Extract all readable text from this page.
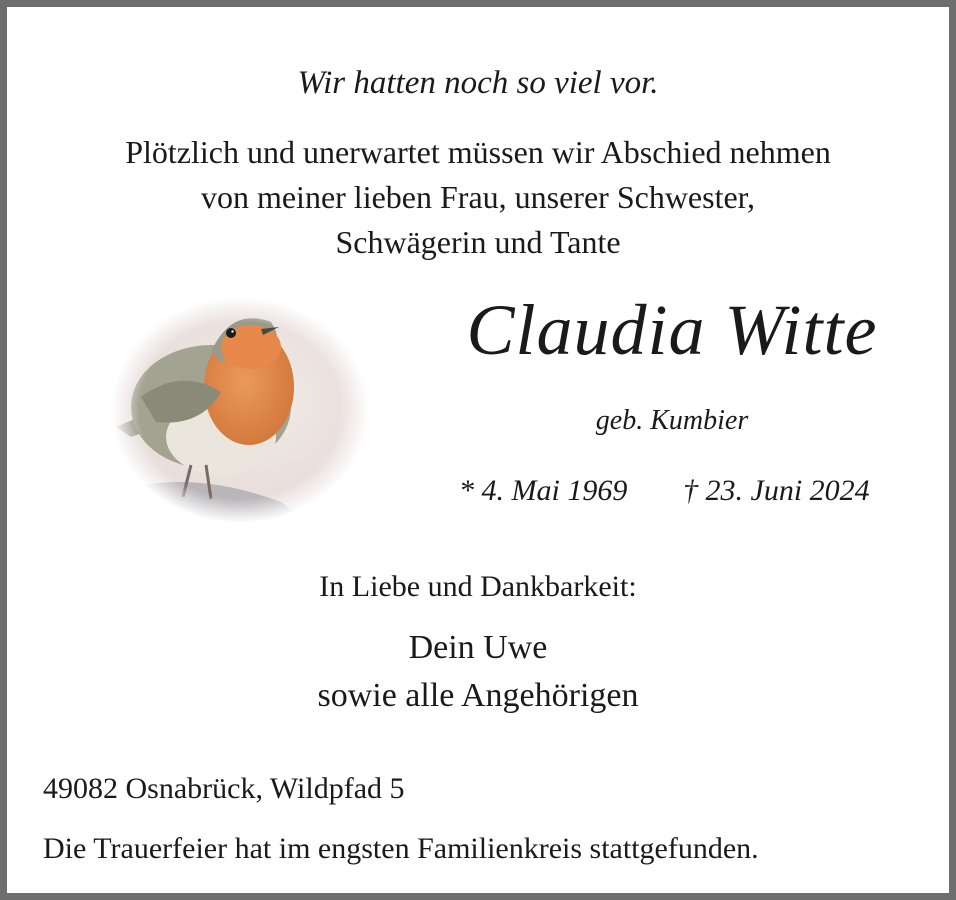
Wir hatten noch so viel vor.
Plötzlich und unerwartet müssen wir Abschied nehmen
von meiner lieben Frau, unserer Schwester,
Schwägerin und Tante
Claudia Witte
geb. Kumbier
* 4. Mai 1969 † 23. Juni 2024
In Liebe und Dankbarkeit:
Dein Uwe
sowie alle Angehörigen
49082 Osnabrück, Wildpfad 5
Die Trauerfeier hat im engsten Familienkreis stattgefunden.
